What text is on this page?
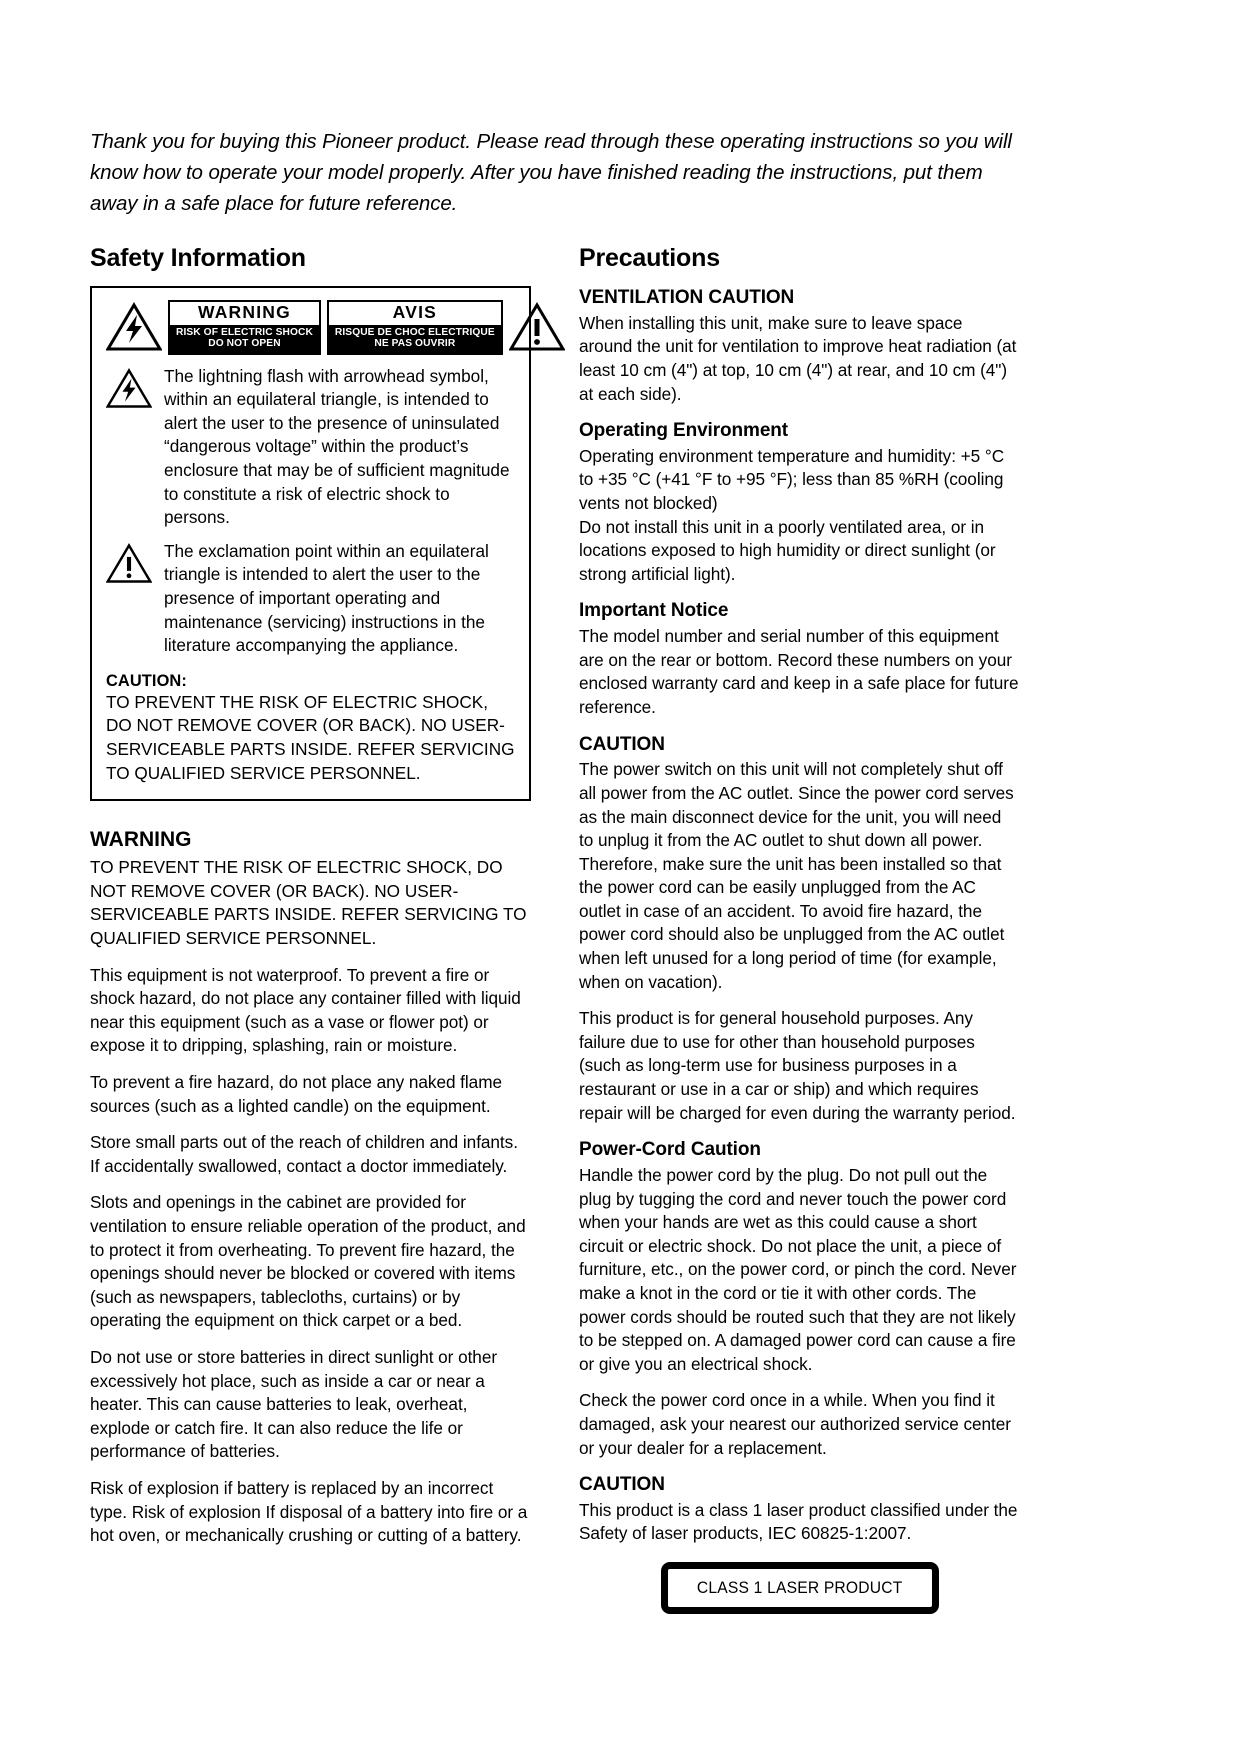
Thank you for buying this Pioneer product. Please read through these operating instructions so you will know how to operate your model properly. After you have finished reading the instructions, put them away in a safe place for future reference.

Safety Information
WARNING
RISK OF ELECTRIC SHOCK
DO NOT OPEN
AVIS
RISQUE DE CHOC ELECTRIQUE
NE PAS OUVRIR

The lightning flash with arrowhead symbol, within an equilateral triangle, is intended to alert the user to the presence of uninsulated “dangerous voltage” within the product’s enclosure that may be of sufficient magnitude to constitute a risk of electric shock to persons.

The exclamation point within an equilateral triangle is intended to alert the user to the presence of important operating and maintenance (servicing) instructions in the literature accompanying the appliance.

CAUTION:
TO PREVENT THE RISK OF ELECTRIC SHOCK, DO NOT REMOVE COVER (OR BACK). NO USER-SERVICEABLE PARTS INSIDE. REFER SERVICING TO QUALIFIED SERVICE PERSONNEL.
WARNING

TO PREVENT THE RISK OF ELECTRIC SHOCK, DO NOT REMOVE COVER (OR BACK). NO USER-SERVICEABLE PARTS INSIDE. REFER SERVICING TO QUALIFIED SERVICE PERSONNEL.

This equipment is not waterproof. To prevent a fire or shock hazard, do not place any container filled with liquid near this equipment (such as a vase or flower pot) or expose it to dripping, splashing, rain or moisture.

To prevent a fire hazard, do not place any naked flame sources (such as a lighted candle) on the equipment.

Store small parts out of the reach of children and infants. If accidentally swallowed, contact a doctor immediately.

Slots and openings in the cabinet are provided for ventilation to ensure reliable operation of the product, and to protect it from overheating. To prevent fire hazard, the openings should never be blocked or covered with items (such as newspapers, tablecloths, curtains) or by operating the equipment on thick carpet or a bed.

Do not use or store batteries in direct sunlight or other excessively hot place, such as inside a car or near a heater. This can cause batteries to leak, overheat, explode or catch fire. It can also reduce the life or performance of batteries.

Risk of explosion if battery is replaced by an incorrect type. Risk of explosion If disposal of a battery into fire or a hot oven, or mechanically crushing or cutting of a battery.

Precautions
VENTILATION CAUTION

When installing this unit, make sure to leave space around the unit for ventilation to improve heat radiation (at least 10 cm (4") at top, 10 cm (4") at rear, and 10 cm (4") at each side).

Operating Environment

Operating environment temperature and humidity: +5 °C to +35 °C (+41 °F to +95 °F); less than 85 %RH (cooling vents not blocked)

Do not install this unit in a poorly ventilated area, or in locations exposed to high humidity or direct sunlight (or strong artificial light).

Important Notice

The model number and serial number of this equipment are on the rear or bottom. Record these numbers on your enclosed warranty card and keep in a safe place for future reference.

CAUTION

The power switch on this unit will not completely shut off all power from the AC outlet. Since the power cord serves as the main disconnect device for the unit, you will need to unplug it from the AC outlet to shut down all power. Therefore, make sure the unit has been installed so that the power cord can be easily unplugged from the AC outlet in case of an accident. To avoid fire hazard, the power cord should also be unplugged from the AC outlet when left unused for a long period of time (for example, when on vacation).

This product is for general household purposes. Any failure due to use for other than household purposes (such as long-term use for business purposes in a restaurant or use in a car or ship) and which requires repair will be charged for even during the warranty period.

Power-Cord Caution

Handle the power cord by the plug. Do not pull out the plug by tugging the cord and never touch the power cord when your hands are wet as this could cause a short circuit or electric shock. Do not place the unit, a piece of furniture, etc., on the power cord, or pinch the cord. Never make a knot in the cord or tie it with other cords. The power cords should be routed such that they are not likely to be stepped on. A damaged power cord can cause a fire or give you an electrical shock.

Check the power cord once in a while. When you find it damaged, ask your nearest our authorized service center or your dealer for a replacement.

CAUTION

This product is a class 1 laser product classified under the Safety of laser products, IEC 60825-1:2007.

CLASS 1 LASER PRODUCT
